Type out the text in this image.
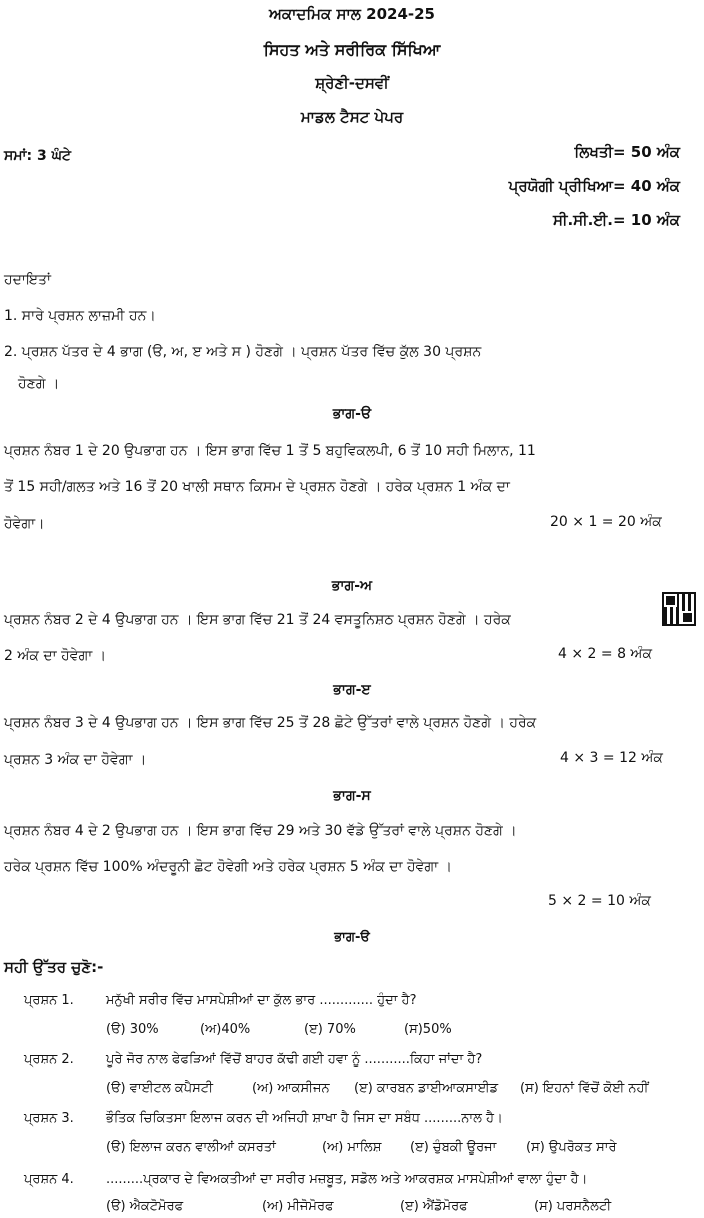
ਅਕਾਦਮਿਕ ਸਾਲ 2024-25
ਸਿਹਤ ਅਤੇ ਸਰੀਰਿਕ ਸਿੱਖਿਆ
ਸ਼੍ਰੇਣੀ-ਦਸਵੀਂ
ਮਾਡਲ ਟੈਸਟ ਪੇਪਰ
ਸਮਾਂ: 3 ਘੰਟੇ	ਲਿਖਤੀ= 50 ਅੰਕ
ਪ੍ਰਯੋਗੀ ਪ੍ਰੀਖਿਆ= 40 ਅੰਕ
ਸੀ.ਸੀ.ਈ.= 10 ਅੰਕ
ਹਦਾਇਤਾਂ
1. ਸਾਰੇ ਪ੍ਰਸ਼ਨ ਲਾਜ਼ਮੀ ਹਨ।
2. ਪ੍ਰਸ਼ਨ ਪੱਤਰ ਦੇ 4 ਭਾਗ (ੳ, ਅ, ੲ ਅਤੇ ਸ ) ਹੋਣਗੇ । ਪ੍ਰਸ਼ਨ ਪੱਤਰ ਵਿੱਚ ਕੁੱਲ 30 ਪ੍ਰਸ਼ਨ
ਹੋਣਗੇ ।
ਭਾਗ-ੳ
ਪ੍ਰਸ਼ਨ ਨੰਬਰ 1 ਦੇ 20 ਉਪਭਾਗ ਹਨ । ਇਸ ਭਾਗ ਵਿੱਚ 1 ਤੋਂ 5 ਬਹੁਵਿਕਲਪੀ, 6 ਤੋਂ 10 ਸਹੀ ਮਿਲਾਨ, 11
ਤੋਂ 15 ਸਹੀ/ਗਲਤ ਅਤੇ 16 ਤੋਂ 20 ਖਾਲੀ ਸਥਾਨ ਕਿਸਮ ਦੇ ਪ੍ਰਸ਼ਨ ਹੋਣਗੇ । ਹਰੇਕ ਪ੍ਰਸ਼ਨ 1 ਅੰਕ ਦਾ
ਹੋਵੇਗਾ।	20 × 1 = 20 ਅੰਕ
ਭਾਗ-ਅ
ਪ੍ਰਸ਼ਨ ਨੰਬਰ 2 ਦੇ 4 ਉਪਭਾਗ ਹਨ । ਇਸ ਭਾਗ ਵਿੱਚ 21 ਤੋਂ 24 ਵਸਤੂਨਿਸ਼ਠ ਪ੍ਰਸ਼ਨ ਹੋਣਗੇ । ਹਰੇਕ
2 ਅੰਕ ਦਾ ਹੋਵੇਗਾ ।	4 × 2 = 8 ਅੰਕ
ਭਾਗ-ੲ
ਪ੍ਰਸ਼ਨ ਨੰਬਰ 3 ਦੇ 4 ਉਪਭਾਗ ਹਨ । ਇਸ ਭਾਗ ਵਿੱਚ 25 ਤੋਂ 28 ਛੋਟੇ ਉੱਤਰਾਂ ਵਾਲੇ ਪ੍ਰਸ਼ਨ ਹੋਣਗੇ । ਹਰੇਕ
ਪ੍ਰਸ਼ਨ 3 ਅੰਕ ਦਾ ਹੋਵੇਗਾ ।	4 × 3 = 12 ਅੰਕ
ਭਾਗ-ਸ
ਪ੍ਰਸ਼ਨ ਨੰਬਰ 4 ਦੇ 2 ਉਪਭਾਗ ਹਨ । ਇਸ ਭਾਗ ਵਿੱਚ 29 ਅਤੇ 30 ਵੱਡੇ ਉੱਤਰਾਂ ਵਾਲੇ ਪ੍ਰਸ਼ਨ ਹੋਣਗੇ ।
ਹਰੇਕ ਪ੍ਰਸ਼ਨ ਵਿੱਚ 100% ਅੰਦਰੂਨੀ ਛੋਟ ਹੋਵੇਗੀ ਅਤੇ ਹਰੇਕ ਪ੍ਰਸ਼ਨ 5 ਅੰਕ ਦਾ ਹੋਵੇਗਾ ।
5 × 2 = 10 ਅੰਕ
ਭਾਗ-ੳ
ਸਹੀ ਉੱਤਰ ਚੁਣੋ:-
ਪ੍ਰਸ਼ਨ 1. ਮਨੁੱਖੀ ਸਰੀਰ ਵਿੱਚ ਮਾਸਪੇਸ਼ੀਆਂ ਦਾ ਕੁੱਲ ਭਾਰ ............. ਹੁੰਦਾ ਹੈ?
(ੳ) 30%	(ਅ)40%	(ੲ) 70%	(ਸ)50%
ਪ੍ਰਸ਼ਨ 2. ਪੂਰੇ ਜੋਰ ਨਾਲ ਫੇਫੜਿਆਂ ਵਿੱਚੋਂ ਬਾਹਰ ਕੱਢੀ ਗਈ ਹਵਾ ਨੂੰ ...........ਕਿਹਾ ਜਾਂਦਾ ਹੈ?
(ੳ) ਵਾਈਟਲ ਕਪੈਸਟੀ	(ਅ) ਆਕਸੀਜਨ (ੲ) ਕਾਰਬਨ ਡਾਈਆਕਸਾਈਡ (ਸ) ਇਹਨਾਂ ਵਿੱਚੋਂ ਕੋਈ ਨਹੀਂ
ਪ੍ਰਸ਼ਨ 3. ਭੌਤਿਕ ਚਿਕਿਤਸਾ ਇਲਾਜ ਕਰਨ ਦੀ ਅਜਿਹੀ ਸ਼ਾਖਾ ਹੈ ਜਿਸ ਦਾ ਸਬੰਧ .........ਨਾਲ ਹੈ।
(ੳ) ਇਲਾਜ ਕਰਨ ਵਾਲੀਆਂ ਕਸਰਤਾਂ	(ਅ) ਮਾਲਿਸ਼ (ੲ) ਚੁੰਬਕੀ ਊਰਜਾ (ਸ) ਉਪਰੋਕਤ ਸਾਰੇ
ਪ੍ਰਸ਼ਨ 4. .........ਪ੍ਰਕਾਰ ਦੇ ਵਿਅਕਤੀਆਂ ਦਾ ਸਰੀਰ ਮਜ਼ਬੂਤ, ਸਡੋਲ ਅਤੇ ਆਕਰਸ਼ਕ ਮਾਸਪੇਸ਼ੀਆਂ ਵਾਲਾ ਹੁੰਦਾ ਹੈ।
(ੳ) ਐਕਟੋਮੋਰਫ	(ਅ) ਮੀਜੋਮੋਰਫ	(ੲ) ਐਂਡੋਮੋਰਫ	(ਸ) ਪਰਸਨੈਲਟੀ
